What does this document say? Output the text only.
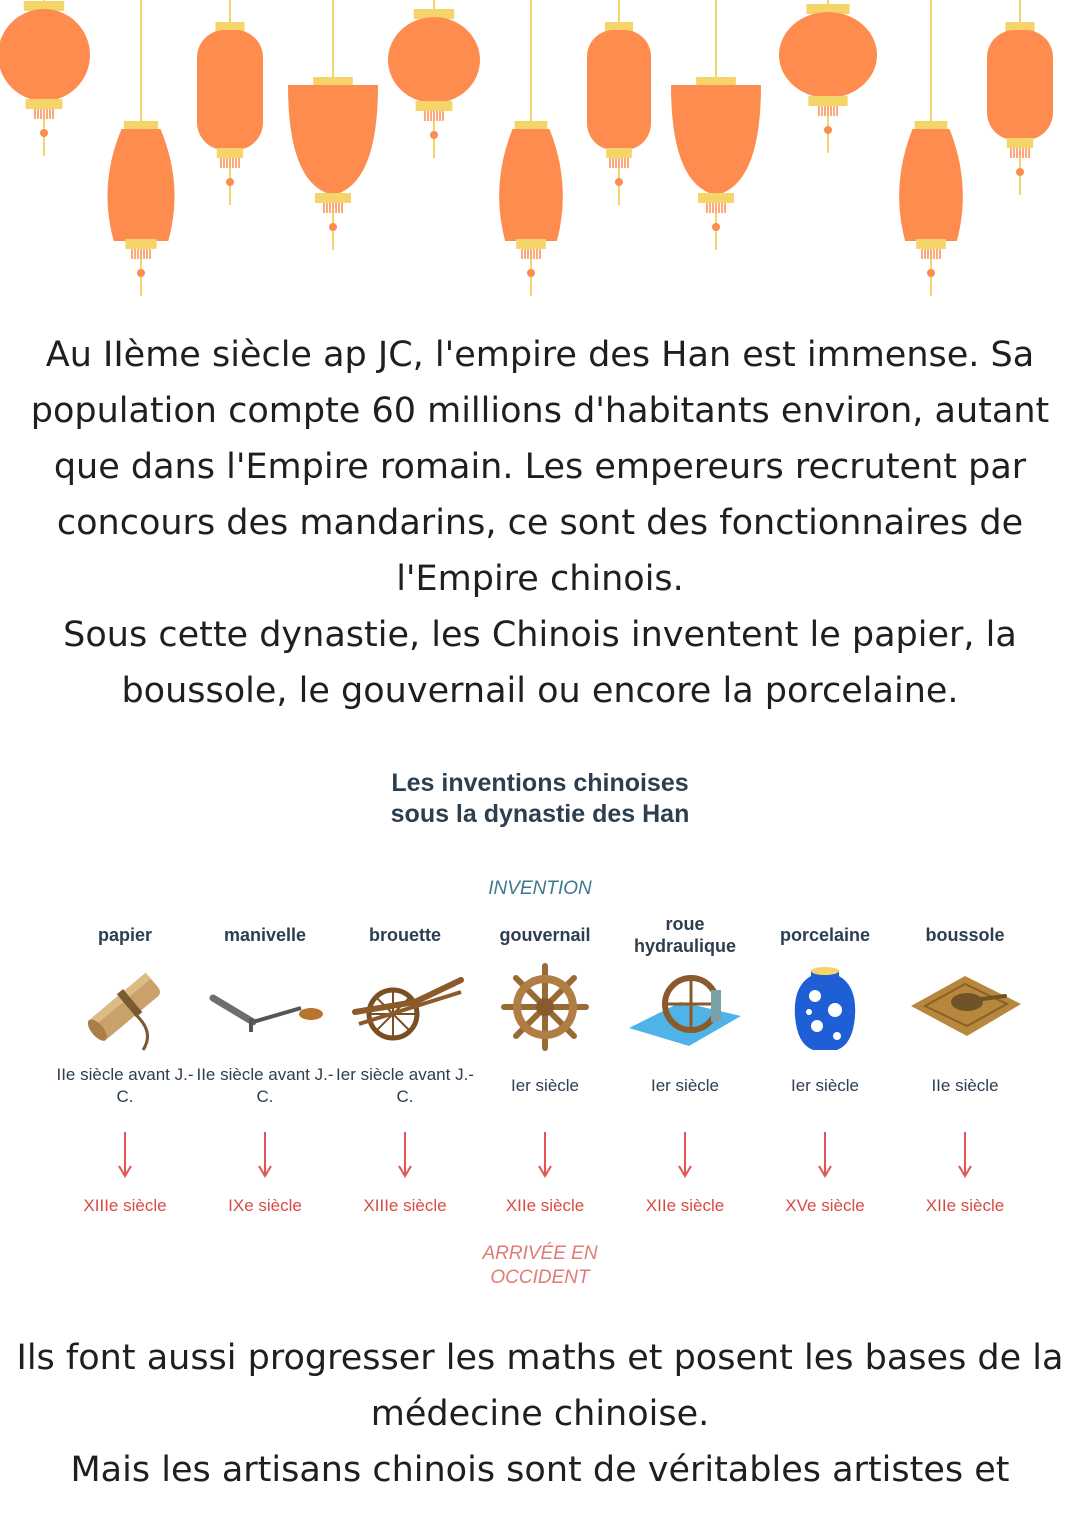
Au IIème siècle ap JC, l'empire des Han est immense. Sa
population compte 60 millions d'habitants environ, autant
que dans l'Empire romain. Les empereurs recrutent par
concours des mandarins, ce sont des fonctionnaires de
l'Empire chinois.
Sous cette dynastie, les Chinois inventent le papier, la
boussole, le gouvernail ou encore la porcelaine.
Les inventions chinoises
sous la dynastie des Han
INVENTION
papier
IIe siècle avant J.-C.
XIIIe siècle
manivelle
IIe siècle avant J.-C.
IXe siècle
brouette
Ier siècle avant J.-C.
XIIIe siècle
gouvernail
Ier siècle
XIIe siècle
roue hydraulique
Ier siècle
XIIe siècle
porcelaine
Ier siècle
XVe siècle
boussole
IIe siècle
XIIe siècle
ARRIVÉE EN
OCCIDENT
Ils font aussi progresser les maths et posent les bases de la
médecine chinoise.
Mais les artisans chinois sont de véritables artistes et
